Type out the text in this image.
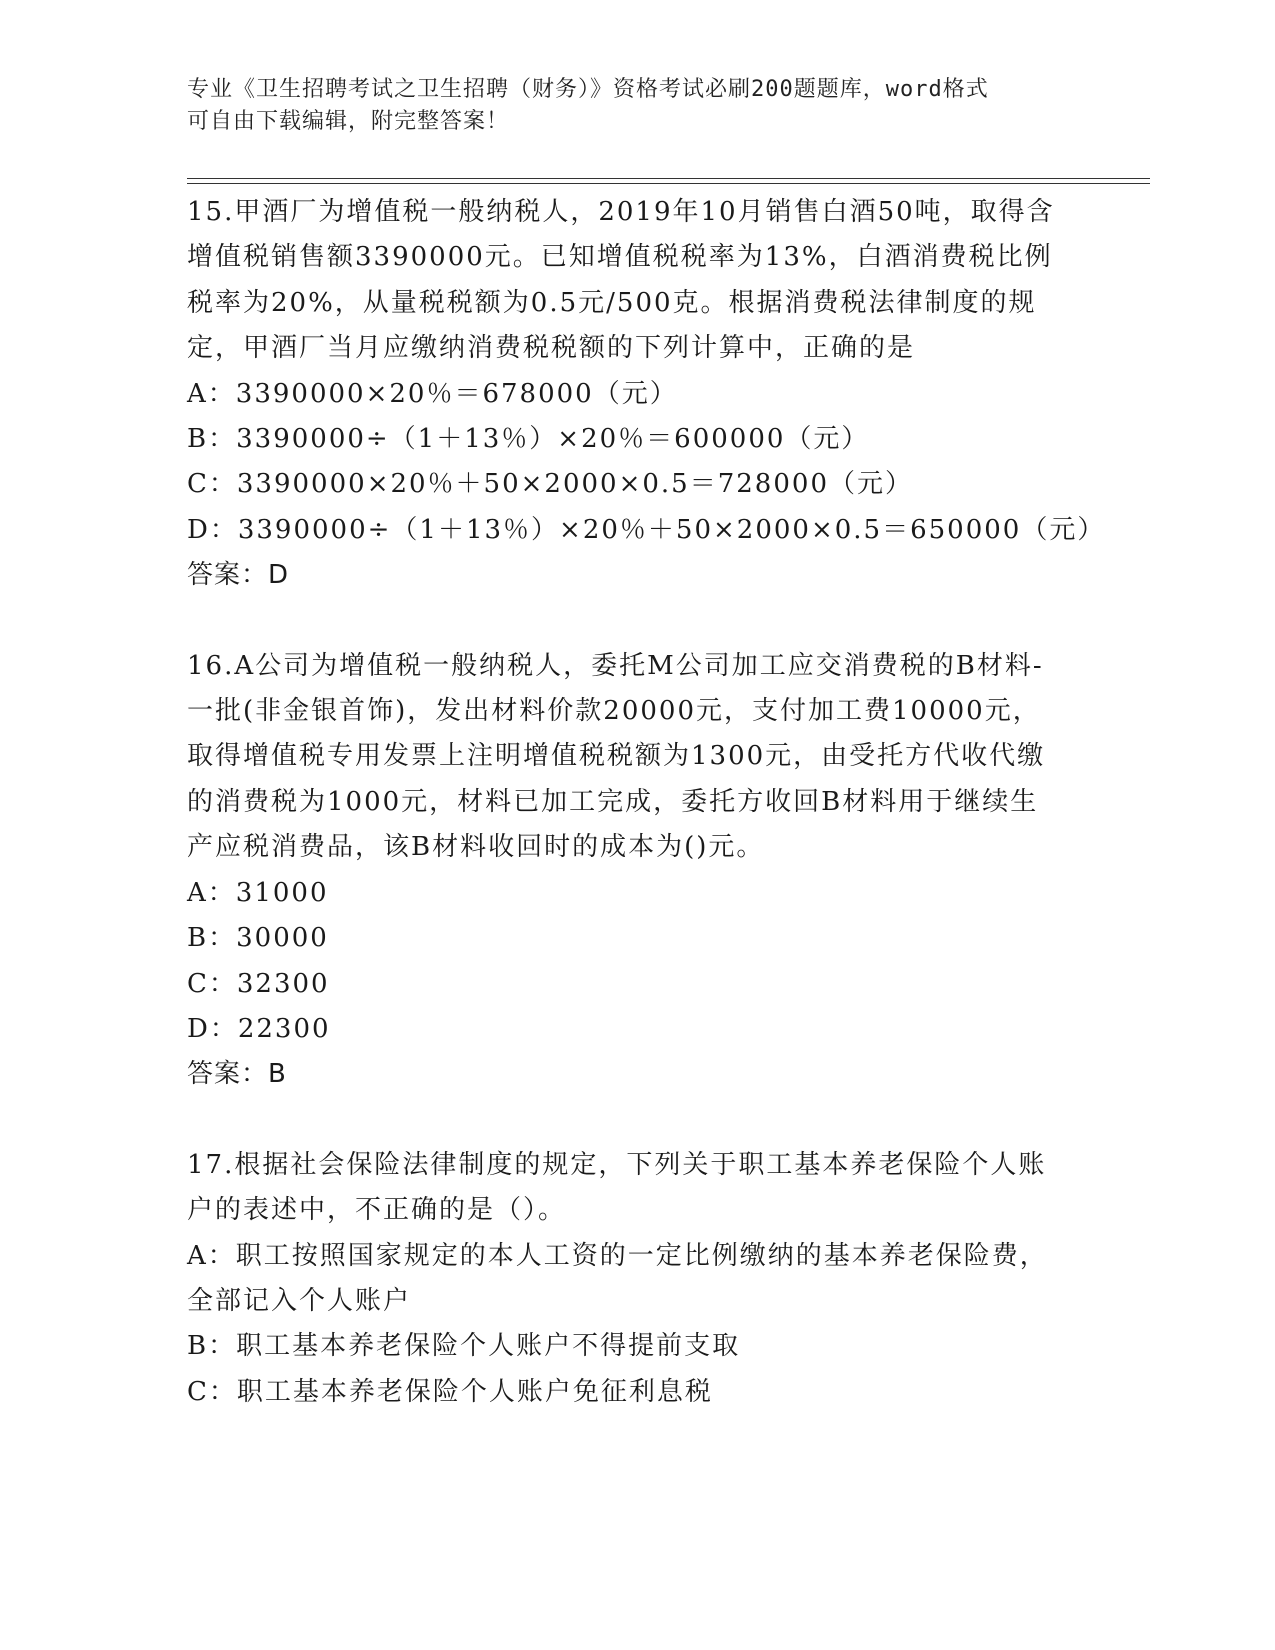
专业《卫生招聘考试之卫生招聘（财务）》资格考试必刷200题题库，word格式
可自由下载编辑，附完整答案！
15.甲酒厂为增值税一般纳税人，2019年10月销售白酒50吨，取得含
增值税销售额3390000元。已知增值税税率为13%，白酒消费税比例
税率为20%，从量税税额为0.5元/500克。根据消费税法律制度的规
定，甲酒厂当月应缴纳消费税税额的下列计算中，正确的是
A：3390000×20％＝678000（元）
B：3390000÷（1＋13％）×20％＝600000（元）
C：3390000×20％＋50×2000×0.5＝728000（元）
D：3390000÷（1＋13％）×20％＋50×2000×0.5＝650000（元）
答案：D
16.A公司为增值税一般纳税人，委托M公司加工应交消费税的B材料-
一批(非金银首饰)，发出材料价款20000元，支付加工费10000元，
取得增值税专用发票上注明增值税税额为1300元，由受托方代收代缴
的消费税为1000元，材料已加工完成，委托方收回B材料用于继续生
产应税消费品，该B材料收回时的成本为()元。
A：31000
B：30000
C：32300
D：22300
答案：B
17.根据社会保险法律制度的规定，下列关于职工基本养老保险个人账
户的表述中，不正确的是（）。
A：职工按照国家规定的本人工资的一定比例缴纳的基本养老保险费，
全部记入个人账户
B：职工基本养老保险个人账户不得提前支取
C：职工基本养老保险个人账户免征利息税
